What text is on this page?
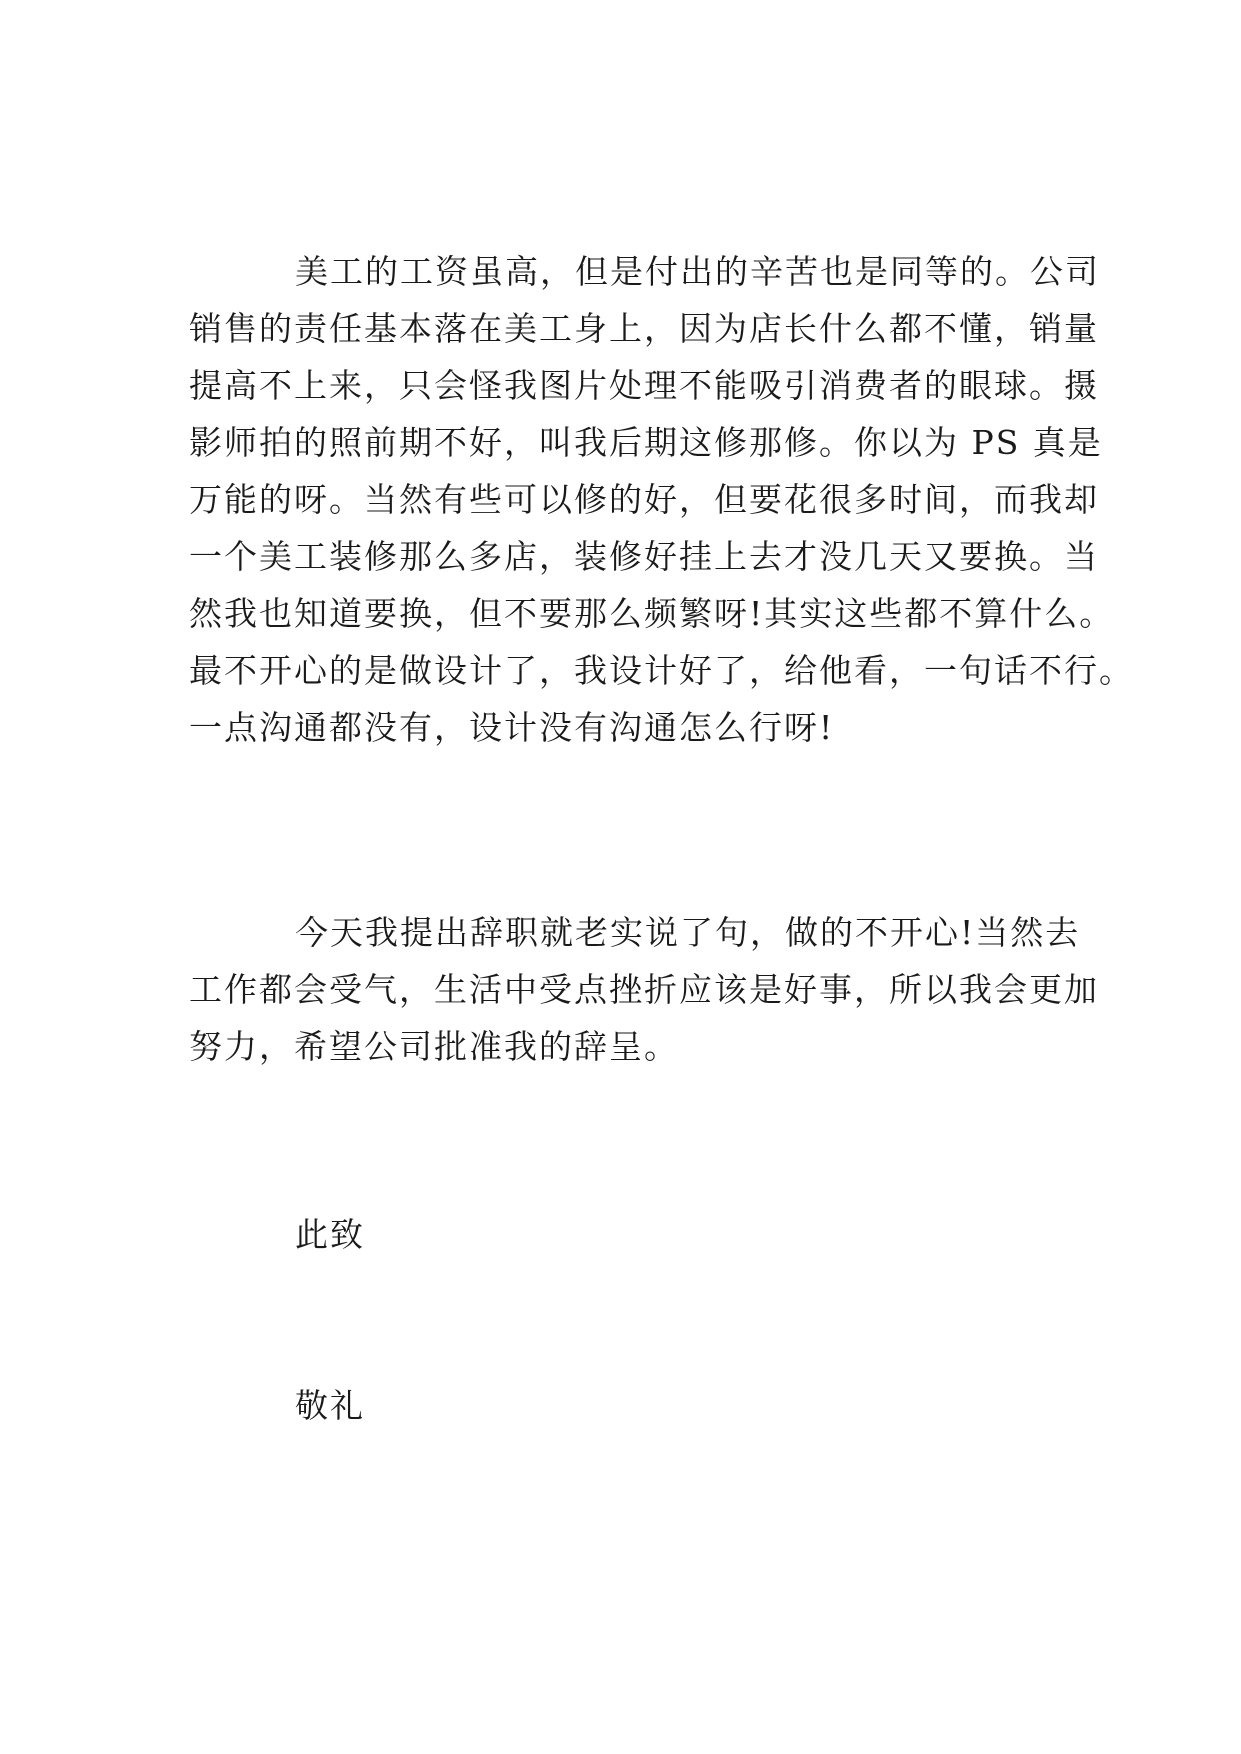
美工的工资虽高，但是付出的辛苦也是同等的。公司
销售的责任基本落在美工身上，因为店长什么都不懂，销量
提高不上来，只会怪我图片处理不能吸引消费者的眼球。摄
影师拍的照前期不好，叫我后期这修那修。你以为 PS 真是
万能的呀。当然有些可以修的好，但要花很多时间，而我却
一个美工装修那么多店，装修好挂上去才没几天又要换。当
然我也知道要换，但不要那么频繁呀!其实这些都不算什么。
最不开心的是做设计了，我设计好了，给他看，一句话不行。
一点沟通都没有，设计没有沟通怎么行呀!
今天我提出辞职就老实说了句，做的不开心!当然去
工作都会受气，生活中受点挫折应该是好事，所以我会更加
努力，希望公司批准我的辞呈。
此致
敬礼
